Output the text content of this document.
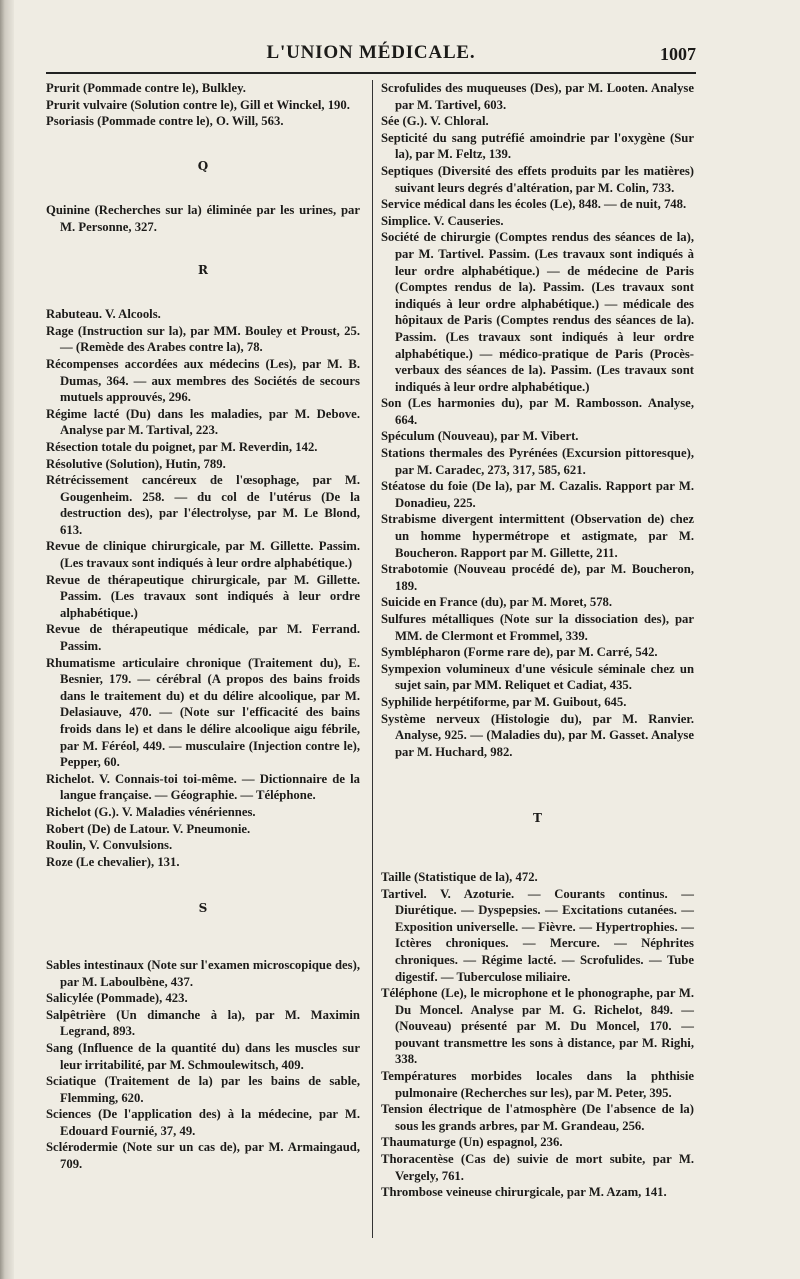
L'UNION MÉDICALE.	1007

Prurit (Pommade contre le), Bulkley.

Prurit vulvaire (Solution contre le), Gill et Winckel, 190.

Psoriasis (Pommade contre le), O. Will, 563.

Q

Quinine (Recherches sur la) éliminée par les urines, par M. Personne, 327.

R

Rabuteau. V. Alcools.

Rage (Instruction sur la), par MM. Bouley et Proust, 25. — (Remède des Arabes contre la), 78.

Récompenses accordées aux médecins (Les), par M. B. Dumas, 364. — aux membres des Sociétés de secours mutuels approuvés, 296.

Régime lacté (Du) dans les maladies, par M. Debove. Analyse par M. Tartival, 223.

Résection totale du poignet, par M. Reverdin, 142.

Résolutive (Solution), Hutin, 789.

Rétrécissement cancéreux de l'œsophage, par M. Gougenheim. 258. — du col de l'utérus (De la destruction des), par l'électrolyse, par M. Le Blond, 613.

Revue de clinique chirurgicale, par M. Gillette. Passim. (Les travaux sont indiqués à leur ordre alphabétique.)

Revue de thérapeutique chirurgicale, par M. Gillette. Passim. (Les travaux sont indiqués à leur ordre alphabétique.)

Revue de thérapeutique médicale, par M. Ferrand. Passim.

Rhumatisme articulaire chronique (Traitement du), E. Besnier, 179. — cérébral (A propos des bains froids dans le traitement du) et du délire alcoolique, par M. Delasiauve, 470. — (Note sur l'efficacité des bains froids dans le) et dans le délire alcoolique aigu fébrile, par M. Féréol, 449. — musculaire (Injection contre le), Pepper, 60.

Richelot. V. Connais-toi toi-même. — Dictionnaire de la langue française. — Géographie. — Téléphone.

Richelot (G.). V. Maladies vénériennes.

Robert (De) de Latour. V. Pneumonie.

Roulin, V. Convulsions.

Roze (Le chevalier), 131.

S

Sables intestinaux (Note sur l'examen microscopique des), par M. Laboulbène, 437.

Salicylée (Pommade), 423.

Salpêtrière (Un dimanche à la), par M. Maximin Legrand, 893.

Sang (Influence de la quantité du) dans les muscles sur leur irritabilité, par M. Schmoulewitsch, 409.

Sciatique (Traitement de la) par les bains de sable, Flemming, 620.

Sciences (De l'application des) à la médecine, par M. Edouard Fournié, 37, 49.

Sclérodermie (Note sur un cas de), par M. Armaingaud, 709.

Scrofulides des muqueuses (Des), par M. Looten. Analyse par M. Tartivel, 603.

Sée (G.). V. Chloral.

Septicité du sang putréfié amoindrie par l'oxygène (Sur la), par M. Feltz, 139.

Septiques (Diversité des effets produits par les matières) suivant leurs degrés d'altération, par M. Colin, 733.

Service médical dans les écoles (Le), 848. — de nuit, 748.

Simplice. V. Causeries.

Société de chirurgie (Comptes rendus des séances de la), par M. Tartivel. Passim. (Les travaux sont indiqués à leur ordre alphabétique.) — de médecine de Paris (Comptes rendus de la). Passim. (Les travaux sont indiqués à leur ordre alphabétique.) — médicale des hôpitaux de Paris (Comptes rendus des séances de la). Passim. (Les travaux sont indiqués à leur ordre alphabétique.) — médico-pratique de Paris (Procès-verbaux des séances de la). Passim. (Les travaux sont indiqués à leur ordre alphabétique.)

Son (Les harmonies du), par M. Rambosson. Analyse, 664.

Spéculum (Nouveau), par M. Vibert.

Stations thermales des Pyrénées (Excursion pittoresque), par M. Caradec, 273, 317, 585, 621.

Stéatose du foie (De la), par M. Cazalis. Rapport par M. Donadieu, 225.

Strabisme divergent intermittent (Observation de) chez un homme hypermétrope et astigmate, par M. Boucheron. Rapport par M. Gillette, 211.

Strabotomie (Nouveau procédé de), par M. Boucheron, 189.

Suicide en France (du), par M. Moret, 578.

Sulfures métalliques (Note sur la dissociation des), par MM. de Clermont et Frommel, 339.

Symblépharon (Forme rare de), par M. Carré, 542.

Sympexion volumineux d'une vésicule séminale chez un sujet sain, par MM. Reliquet et Cadiat, 435.

Syphilide herpétiforme, par M. Guibout, 645.

Système nerveux (Histologie du), par M. Ranvier. Analyse, 925. — (Maladies du), par M. Gasset. Analyse par M. Huchard, 982.

T

Taille (Statistique de la), 472.

Tartivel. V. Azoturie. — Courants continus. — Diurétique. — Dyspepsies. — Excitations cutanées. — Exposition universelle. — Fièvre. — Hypertrophies. — Ictères chroniques. — Mercure. — Néphrites chroniques. — Régime lacté. — Scrofulides. — Tube digestif. — Tuberculose miliaire.

Téléphone (Le), le microphone et le phonographe, par M. Du Moncel. Analyse par M. G. Richelot, 849. — (Nouveau) présenté par M. Du Moncel, 170. — pouvant transmettre les sons à distance, par M. Righi, 338.

Températures morbides locales dans la phthisie pulmonaire (Recherches sur les), par M. Peter, 395.

Tension électrique de l'atmosphère (De l'absence de la) sous les grands arbres, par M. Grandeau, 256.

Thaumaturge (Un) espagnol, 236.

Thoracentèse (Cas de) suivie de mort subite, par M. Vergely, 761.

Thrombose veineuse chirurgicale, par M. Azam, 141.
